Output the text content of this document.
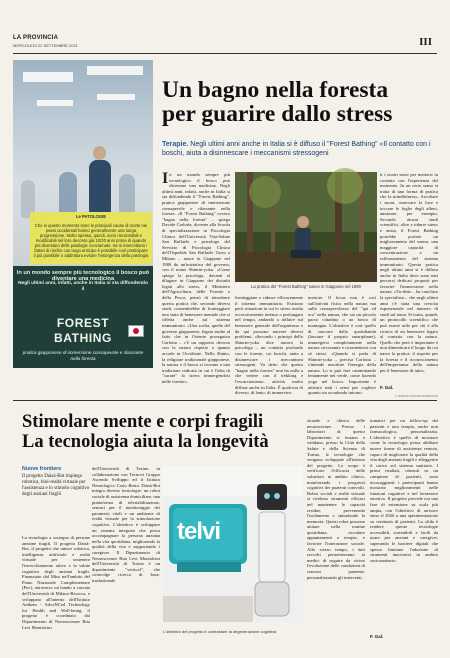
LA PROVINCIA
MERCOLEDÌ 22 SETTEMBRE 2021	III

Le PATOLOGIE

Che in questo momento sono le principali cause di morte nei paesi occidentali hanno generalmente una lunga progressione. Molto spesso, quindi, sono riscontrabili e modificabili nel loro decorso già 10/20 anni prima di quando poi diventano delle patologie conclamate. Se si intercettano i fattori di rischio con largo anticipo è possibile così posticipare il più possibile o addirittura evitare l'insorgenza della patologia

In un mondo sempre più tecnologico il bosco può diventare una medicina
Negli ultimi anni, infatti, anche in Italia si sta diffondendo il
FOREST
BATHING
pratica giapponese di immersione consapevole e rilassante nella foresta
Un bagno nella foresta
per guarire dallo stress
Terapie. Negli ultimi anni anche in Italia si è diffuso il "Forest Bathing" «Il contatto con i boschi, aiuta a disinnescare i meccanismi stressogeni
In un mondo sempre più tecnologico il bosco può diventare una medicina. Negli ultimi anni, infatti, anche in Italia si sta diffondendo il "Forest Bathing", pratica giapponese di immersione consapevole e rilassante nella foresta. «Il "Forest Bathing" ovvero "bagno nella foresta" – spiega Davide Carlotta, docente alla Scuola di specializzazione in Psicologia Clinica dell'Università Vita-Salute San Raffaele e psicologo del Servizio di Psicologia Clinica dell'Ospedale San Raffaele Turro a Milano – nasce in Giappone nel 1980 da un'iniziativa del governo, con il nome Shinrin-yoku. «Come spiega la psicologa, davanti al dilagare in Giappone dei disturbi legati allo stress, il Ministero dell'Agricoltura, delle Foreste e della Pesca, pensò di introdurre questa pratica che, secondo diversi studi, consentirebbe di fronteggiare uno stato di benessere mentale che si rifletta anche sul sistema immunitario. «Una scelta, quella del governo giapponese, legata anche al fatto che in Oriente proseguiva Carlotta – c'è un rapporto diverso con la natura rispetto a quanto accade in Occidente. Nello Shinto, la religione tradizionale giapponese, la natura e il bosco si trovano a una tradizione radicata in cui è l'idea di "curare" lo stress immergendosi nelle foreste».
La pratica del "Forest Bathing" nasce in Giappone nel 1980
fronteggiare e ridurre efficacemente il sistema immunitario. Esistono però situazioni in cui lo stress risulta eccessivamente intenso o prolungato nel tempo, andando a influire sul benessere generale dell'organismo e da qui possono nascere diversi problemi. «Secondo i principi dello Shinrin-yoku dice ancora la psicologa – un contatto profondo con le foreste, coi boschi, aiuta a disinnescare i meccanismi stressogeni. Va detto che questo "bagno nella foresta" non ha nulla a che vedere con il trekking e l'escursionismo, attività molto diffuse anche in Italia. È qualcosa di diverso, di lento, di immersivo.
meriore. Il focus non è così sull'attività fisica nella natura ma sulla consapevolezza del "qui ed ora" nella natura, che sia un piccolo parco cittadino o un bosco di montagna. L'obiettivo è così quello di staccare dalla quotidianità (lasciare il proprio smartphone), immergersi completamente nella natura circostante e riconnettersi con sé stessi. «Quando si parla di Shinrin-yoka – precisa Carlotta – s'intende assorbire l'energia della natura. Lo si può fare camminando lentamente nel verde, come facendo yoga nel bosco. Importante è attivare tutti i sensi per cogliere quanto sta accadendo intorno.
ti i nostri sensi per mettersi in contatto con l'esperienza del momento. In un certo senso si tratta di una forma di pratica che la mindfulness». Ascoltare i suoni, osservare la luce e toccare le foglie degli alberi, annusare, per esempio. Secondo alcuni studi scientifici, oltre a ridurre stress e ansia, il Forest Bathing potrebbe portare un miglioramento del sonno, una maggiore capacità di concentrazione e un rafforzamento del sistema immunitario. Questa pratica negli ultimi anni si è diffusa anche in Italia dove sono nati percorsi dedicati proposti per favorire l'immersione nella natura. «Va detto – ha concluso la specialista – che negli ultimi anni c'è stata una crescita esponenziale nel numero di studi sul tema. Si tratta, quindi, un protocollo scientifico che può essere utile per chi è alla ricerca di un benessere legato al contatto con la natura. Quello che però è importante è non dimenticare il luogo da cui nasce la pratica: il rispetto per la foresta e il riconoscimento dell'importanza della natura per il benessere di tutti».
F. Gal.
© RIPRODUZIONE RISERVATA
Stimolare mente e corpi fragili
La tecnologia aiuta la longevità
Nuove frontiere
Il progetto Daisà-Bot impiega robotica, bioi-realtà virtuale per l'assistenza e lo stimolo cognitivo degli anziani fragili
La tecnologia a sostegno di persone anziane fragili. Il progetto Daisà-Bot, il progetto che unisce robotica, intelligenza artificiale e realtà virtuale per sostenere l'invecchiamento attivo e la salute cognitiva degli anziani fragili. Finanziato dal Miur nell'ambito del Piano Nazionale Complementare (Pnc), attraverso un bando a cascata dell'Università di Milano-Bicocca, e sviluppato all'interno dell'Istituto Anthem - AdvaNCed Technology for Health and Well-being, il progetto è coordinato dal Dipartimento di Neuroscienze Rita Levi Montalcini
dell'Università di Torino, in collaborazione con Tecnovi Gruppo Ascendo Sviluppo ed il Istituto Neurologico Carlo Besta. Daisà-Bot integra diverse tecnologie: un robot sociale di assistenza domiciliare, una piattaforma di teleriabilitazione, sensori per il monitoraggio dei parametri vitali e un ambiente di realtà virtuale per la stimolazione cognitiva. L'obiettivo è sviluppare un sistema integrato che possa accompagnare la persona anziana nella vita quotidiana, migliorando la qualità della vita e supportando i caregiver. Il Dipartimento di Neuroscienze Rita Levi Montalcini dell'Università di Torino è un dipartimento "vertical", che coinvolge ricerca di base, traslazionale
telvi
L'obiettivo del progetto è contrastare la degenerazione cognitiva
zionale e clinica delle neuroscienze. Presso i laboratori di questo Dipartimento si testano e validano, presso la Città della Salute e della Scienza di Torino, le tecnologie che vengono sviluppate all'interno del progetto. Lo scopo è verificare l'efficacia delle soluzioni in ambito clinico, monitorando i progressi cognitivi dei pazienti coinvolti. Robot sociali e realtà virtuale si rivelano strumenti efficaci nel mantenere le capacità residue, prevenendo l'isolamento e stimolando la memoria. Questi robot possono aiutare nella routine quotidiana, ricordare appuntamenti e terapie, e favorire l'interazione sociale. Allo stesso tempo, i dati raccolti permetteranno ai medici di seguire da vicino l'evoluzione delle condizioni di ciascun paziente, personalizzando gli interventi.
tomatici per un follow-up dei pazienti e una terapia, anche non farmacologica, personalizzata. L'obiettivo è quello di mostrare come la tecnologia possa abilitare nuove forme di assistenza remota, capaci di migliorare la qualità della vita degli anziani fragili e alleggerire il carico sul sistema sanitario. I primi risultati, ottenuti su un campione di pazienti, sono incoraggianti: i partecipanti hanno mostrato miglioramenti nelle funzioni cognitive e nel benessere emotivo. Il progetto prevede ora una fase di estensione su scala più ampia, con l'obiettivo di arrivare entro il 2026 a una sperimentazione su centinaia di pazienti. La sfida è rendere queste tecnologie accessibili, sostenibili e facili da usare per anziani e caregiver, superando le barriere digitali che spesso limitano l'adozione di strumenti innovativi in ambito sociosanitario.
F. Gal.
